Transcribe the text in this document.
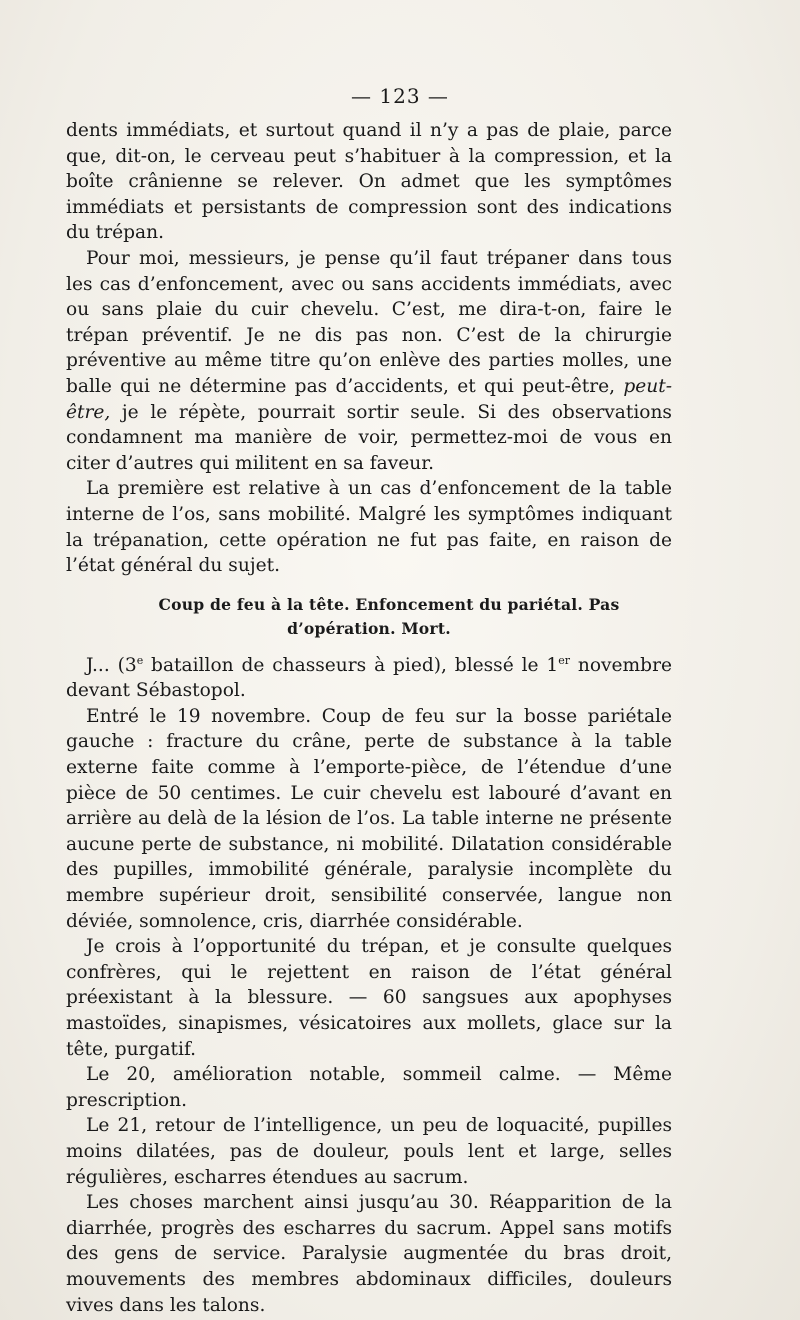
— 123 —

dents immédiats, et surtout quand il n’y a pas de plaie, parce que, dit-on, le cerveau peut s’habituer à la compression, et la boîte crânienne se relever. On admet que les symptômes immédiats et persistants de compression sont des indications du trépan.

Pour moi, messieurs, je pense qu’il faut trépaner dans tous les cas d’enfoncement, avec ou sans accidents immédiats, avec ou sans plaie du cuir chevelu. C’est, me dira-t-on, faire le trépan préventif. Je ne dis pas non. C’est de la chirurgie préventive au même titre qu’on enlève des parties molles, une balle qui ne détermine pas d’accidents, et qui peut-être, peut-être, je le répète, pourrait sortir seule. Si des observations condamnent ma manière de voir, permettez-moi de vous en citer d’autres qui militent en sa faveur.

La première est relative à un cas d’enfoncement de la table interne de l’os, sans mobilité. Malgré les symptômes indiquant la trépanation, cette opération ne fut pas faite, en raison de l’état général du sujet.

Coup de feu à la tête. Enfoncement du pariétal. Pas
d’opération. Mort.

J... (3e bataillon de chasseurs à pied), blessé le 1er novembre devant Sébastopol.

Entré le 19 novembre. Coup de feu sur la bosse pariétale gauche : fracture du crâne, perte de substance à la table externe faite comme à l’emporte-pièce, de l’étendue d’une pièce de 50 centimes. Le cuir chevelu est labouré d’avant en arrière au delà de la lésion de l’os. La table interne ne présente aucune perte de substance, ni mobilité. Dilatation considérable des pupilles, immobilité générale, paralysie incomplète du membre supérieur droit, sensibilité conservée, langue non déviée, somnolence, cris, diarrhée considérable.

Je crois à l’opportunité du trépan, et je consulte quelques confrères, qui le rejettent en raison de l’état général préexistant à la blessure. — 60 sangsues aux apophyses mastoïdes, sinapismes, vésicatoires aux mollets, glace sur la tête, purgatif.

Le 20, amélioration notable, sommeil calme. — Même prescription.

Le 21, retour de l’intelligence, un peu de loquacité, pupilles moins dilatées, pas de douleur, pouls lent et large, selles régulières, escharres étendues au sacrum.

Les choses marchent ainsi jusqu’au 30. Réapparition de la diarrhée, progrès des escharres du sacrum. Appel sans motifs des gens de service. Paralysie augmentée du bras droit, mouvements des membres abdominaux difficiles, douleurs vives dans les talons.
